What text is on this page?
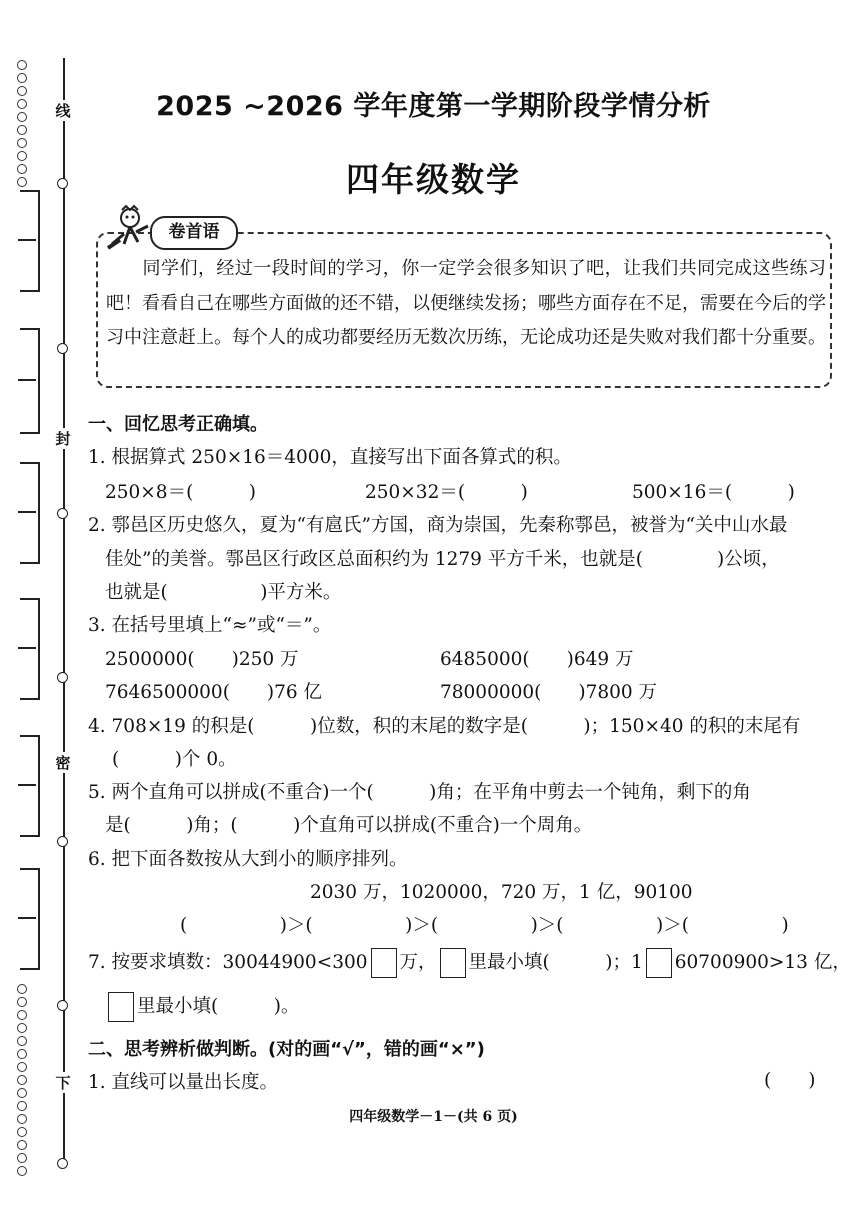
线
封
密
下
2025 ~2026 学年度第一学期阶段学情分析
四年级数学
卷首语
同学们，经过一段时间的学习，你一定学会很多知识了吧，让我们共同完成这些练习吧！看看自己在哪些方面做的还不错，以便继续发扬；哪些方面存在不足，需要在今后的学习中注意赶上。每个人的成功都要经历无数次历练，无论成功还是失败对我们都十分重要。
一、回忆思考正确填。
1. 根据算式 250×16＝4000，直接写出下面各算式的积。
250×8＝(　　　)	250×32＝(　　　)	500×16＝(　　　)
2. 鄠邑区历史悠久，夏为“有扈氏”方国，商为崇国，先秦称鄠邑，被誉为“关中山水最
佳处”的美誉。鄠邑区行政区总面积约为 1279 平方千米，也就是(　　　　)公顷，
也就是(　　　　　)平方米。
3. 在括号里填上“≈”或“＝”。
2500000(　　)250 万	6485000(　　)649 万
7646500000(　　)76 亿	78000000(　　)7800 万
4. 708×19 的积是(　　　)位数，积的末尾的数字是(　　　)；150×40 的积的末尾有
(　　　)个 0。
5. 两个直角可以拼成(不重合)一个(　　　)角；在平角中剪去一个钝角，剩下的角
是(　　　)角；(　　　)个直角可以拼成(不重合)一个周角。
6. 把下面各数按从大到小的顺序排列。
2030 万，1020000，720 万，1 亿，90100
(　　　　　)＞(　　　　　)＞(　　　　　)＞(　　　　　)＞(　　　　　)
7. 按要求填数：30044900<300 万， 里最小填(　　　)；1 60700900>13 亿，
里最小填(　　　)。
二、思考辨析做判断。(对的画“√”，错的画“×”)
1. 直线可以量出长度。	(　　)
四年级数学－1－(共 6 页)
